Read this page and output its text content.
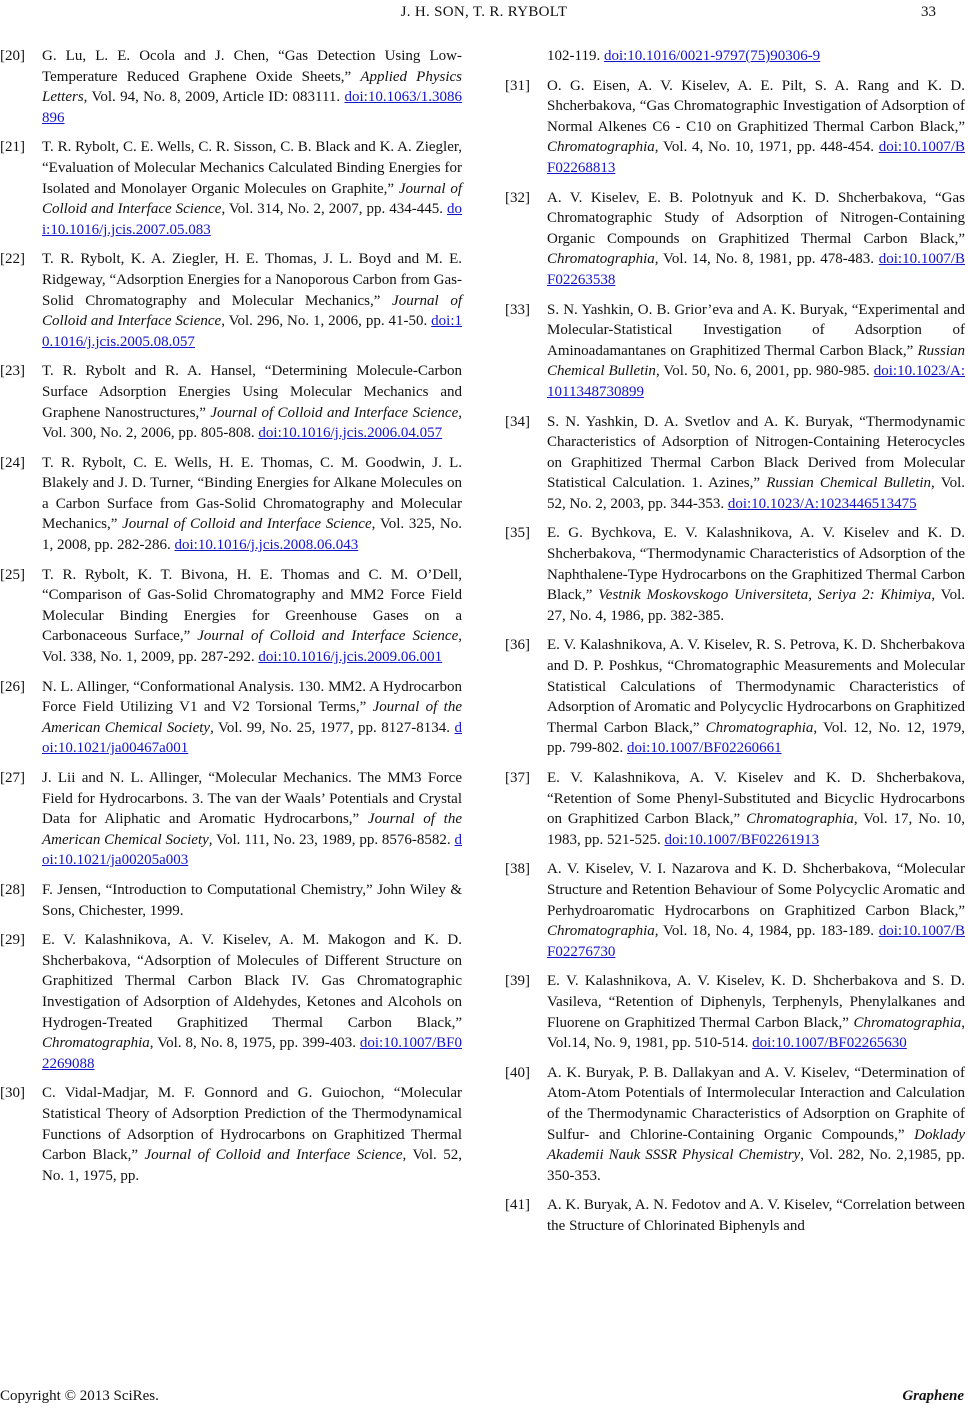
J. H. SON, T. R. RYBOLT	33
[20] G. Lu, L. E. Ocola and J. Chen, “Gas Detection Using Low-Temperature Reduced Graphene Oxide Sheets,” Applied Physics Letters, Vol. 94, No. 8, 2009, Article ID: 083111. doi:10.1063/1.3086896
[21] T. R. Rybolt, C. E. Wells, C. R. Sisson, C. B. Black and K. A. Ziegler, “Evaluation of Molecular Mechanics Calculated Binding Energies for Isolated and Monolayer Organic Molecules on Graphite,” Journal of Colloid and Interface Science, Vol. 314, No. 2, 2007, pp. 434-445. doi:10.1016/j.jcis.2007.05.083
[22] T. R. Rybolt, K. A. Ziegler, H. E. Thomas, J. L. Boyd and M. E. Ridgeway, “Adsorption Energies for a Nanoporous Carbon from Gas-Solid Chromatography and Molecular Mechanics,” Journal of Colloid and Interface Science, Vol. 296, No. 1, 2006, pp. 41-50. doi:10.1016/j.jcis.2005.08.057
[23] T. R. Rybolt and R. A. Hansel, “Determining Molecule-Carbon Surface Adsorption Energies Using Molecular Mechanics and Graphene Nanostructures,” Journal of Colloid and Interface Science, Vol. 300, No. 2, 2006, pp. 805-808. doi:10.1016/j.jcis.2006.04.057
[24] T. R. Rybolt, C. E. Wells, H. E. Thomas, C. M. Goodwin, J. L. Blakely and J. D. Turner, “Binding Energies for Alkane Molecules on a Carbon Surface from Gas-Solid Chromatography and Molecular Mechanics,” Journal of Colloid and Interface Science, Vol. 325, No. 1, 2008, pp. 282-286. doi:10.1016/j.jcis.2008.06.043
[25] T. R. Rybolt, K. T. Bivona, H. E. Thomas and C. M. O’Dell, “Comparison of Gas-Solid Chromatography and MM2 Force Field Molecular Binding Energies for Greenhouse Gases on a Carbonaceous Surface,” Journal of Colloid and Interface Science, Vol. 338, No. 1, 2009, pp. 287-292. doi:10.1016/j.jcis.2009.06.001
[26] N. L. Allinger, “Conformational Analysis. 130. MM2. A Hydrocarbon Force Field Utilizing V1 and V2 Torsional Terms,” Journal of the American Chemical Society, Vol. 99, No. 25, 1977, pp. 8127-8134. doi:10.1021/ja00467a001
[27] J. Lii and N. L. Allinger, “Molecular Mechanics. The MM3 Force Field for Hydrocarbons. 3. The van der Waals’ Potentials and Crystal Data for Aliphatic and Aromatic Hydrocarbons,” Journal of the American Chemical Society, Vol. 111, No. 23, 1989, pp. 8576-8582. doi:10.1021/ja00205a003
[28] F. Jensen, “Introduction to Computational Chemistry,” John Wiley & Sons, Chichester, 1999.
[29] E. V. Kalashnikova, A. V. Kiselev, A. M. Makogon and K. D. Shcherbakova, “Adsorption of Molecules of Different Structure on Graphitized Thermal Carbon Black IV. Gas Chromatographic Investigation of Adsorption of Aldehydes, Ketones and Alcohols on Hydrogen-Treated Graphitized Thermal Carbon Black,” Chromatographia, Vol. 8, No. 8, 1975, pp. 399-403. doi:10.1007/BF02269088
[30] C. Vidal-Madjar, M. F. Gonnord and G. Guiochon, “Molecular Statistical Theory of Adsorption Prediction of the Thermodynamical Functions of Adsorption of Hydrocarbons on Graphitized Thermal Carbon Black,” Journal of Colloid and Interface Science, Vol. 52, No. 1, 1975, pp.
102-119. doi:10.1016/0021-9797(75)90306-9
[31] O. G. Eisen, A. V. Kiselev, A. E. Pilt, S. A. Rang and K. D. Shcherbakova, “Gas Chromatographic Investigation of Adsorption of Normal Alkenes C6 - C10 on Graphitized Thermal Carbon Black,” Chromatographia, Vol. 4, No. 10, 1971, pp. 448-454. doi:10.1007/BF02268813
[32] A. V. Kiselev, E. B. Polotnyuk and K. D. Shcherbakova, “Gas Chromatographic Study of Adsorption of Nitrogen-Containing Organic Compounds on Graphitized Thermal Carbon Black,” Chromatographia, Vol. 14, No. 8, 1981, pp. 478-483. doi:10.1007/BF02263538
[33] S. N. Yashkin, O. B. Grior’eva and A. K. Buryak, “Experimental and Molecular-Statistical Investigation of Adsorption of Aminoadamantanes on Graphitized Thermal Carbon Black,” Russian Chemical Bulletin, Vol. 50, No. 6, 2001, pp. 980-985. doi:10.1023/A:1011348730899
[34] S. N. Yashkin, D. A. Svetlov and A. K. Buryak, “Thermodynamic Characteristics of Adsorption of Nitrogen-Containing Heterocycles on Graphitized Thermal Carbon Black Derived from Molecular Statistical Calculation. 1. Azines,” Russian Chemical Bulletin, Vol. 52, No. 2, 2003, pp. 344-353. doi:10.1023/A:1023446513475
[35] E. G. Bychkova, E. V. Kalashnikova, A. V. Kiselev and K. D. Shcherbakova, “Thermodynamic Characteristics of Adsorption of the Naphthalene-Type Hydrocarbons on the Graphitized Thermal Carbon Black,” Vestnik Moskovskogo Universiteta, Seriya 2: Khimiya, Vol. 27, No. 4, 1986, pp. 382-385.
[36] E. V. Kalashnikova, A. V. Kiselev, R. S. Petrova, K. D. Shcherbakova and D. P. Poshkus, “Chromatographic Measurements and Molecular Statistical Calculations of Thermodynamic Characteristics of Adsorption of Aromatic and Polycyclic Hydrocarbons on Graphitized Thermal Carbon Black,” Chromatographia, Vol. 12, No. 12, 1979, pp. 799-802. doi:10.1007/BF02260661
[37] E. V. Kalashnikova, A. V. Kiselev and K. D. Shcherbakova, “Retention of Some Phenyl-Substituted and Bicyclic Hydrocarbons on Graphitized Carbon Black,” Chromatographia, Vol. 17, No. 10, 1983, pp. 521-525. doi:10.1007/BF02261913
[38] A. V. Kiselev, V. I. Nazarova and K. D. Shcherbakova, “Molecular Structure and Retention Behaviour of Some Polycyclic Aromatic and Perhydroaromatic Hydrocarbons on Graphitized Carbon Black,” Chromatographia, Vol. 18, No. 4, 1984, pp. 183-189. doi:10.1007/BF02276730
[39] E. V. Kalashnikova, A. V. Kiselev, K. D. Shcherbakova and S. D. Vasileva, “Retention of Diphenyls, Terphenyls, Phenylalkanes and Fluorene on Graphitized Thermal Carbon Black,” Chromatographia, Vol.14, No. 9, 1981, pp. 510-514. doi:10.1007/BF02265630
[40] A. K. Buryak, P. B. Dallakyan and A. V. Kiselev, “Determination of Atom-Atom Potentials of Intermolecular Interaction and Calculation of the Thermodynamic Characteristics of Adsorption on Graphite of Sulfur- and Chlorine-Containing Organic Compounds,” Doklady Akademii Nauk SSSR Physical Chemistry, Vol. 282, No. 2,1985, pp. 350-353.
[41] A. K. Buryak, A. N. Fedotov and A. V. Kiselev, “Correlation between the Structure of Chlorinated Biphenyls and
Copyright © 2013 SciRes.	Graphene
